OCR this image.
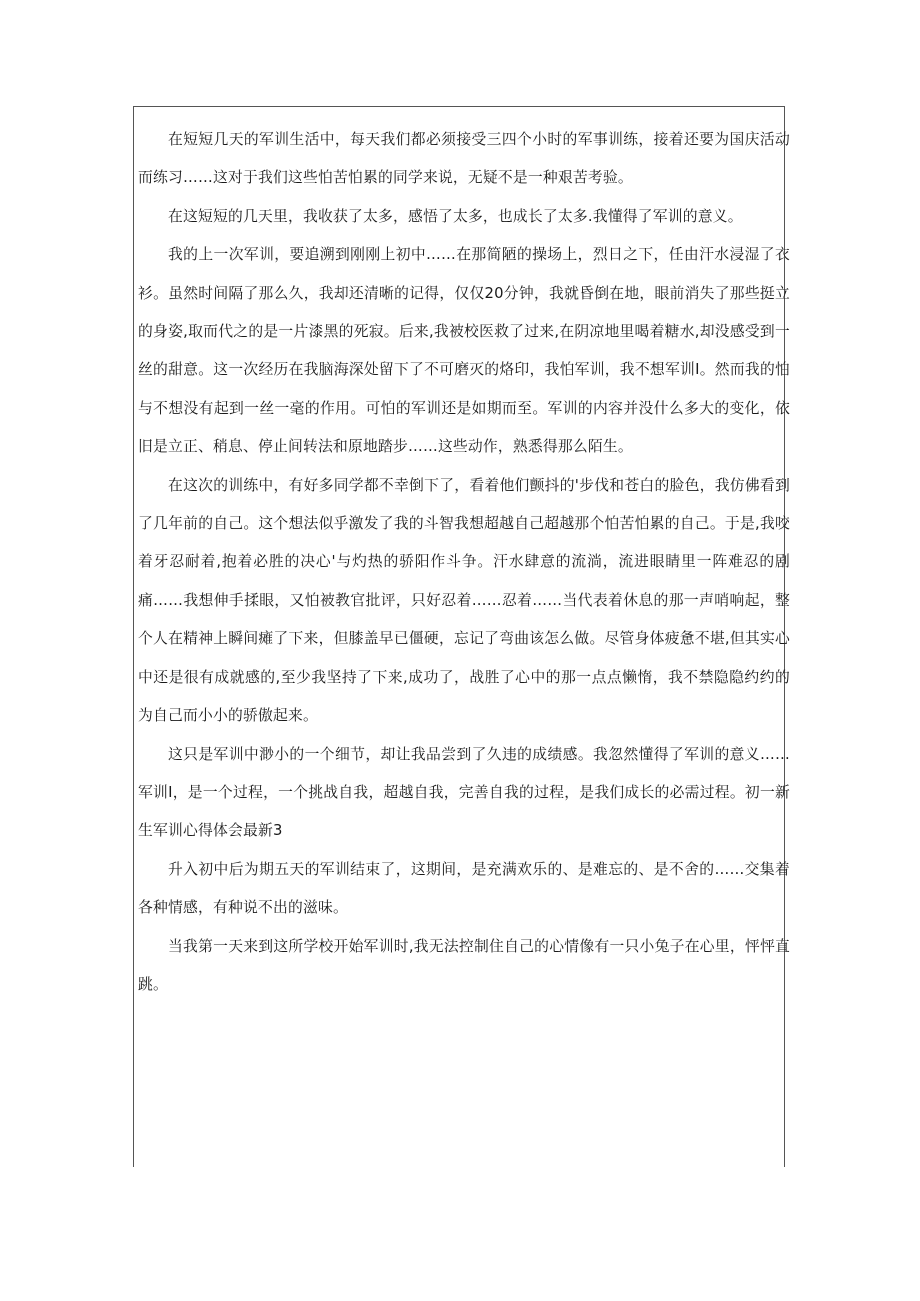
在短短几天的军训生活中，每天我们都必须接受三四个小时的军事训练，接着还要为国庆活动而练习……这对于我们这些怕苦怕累的同学来说，无疑不是一种艰苦考验。

在这短短的几天里，我收获了太多，感悟了太多，也成长了太多.我懂得了军训的意义。

我的上一次军训，要追溯到刚刚上初中……在那简陋的操场上，烈日之下，任由汗水浸湿了衣衫。虽然时间隔了那么久，我却还清晰的记得，仅仅20分钟，我就昏倒在地，眼前消失了那些挺立的身姿,取而代之的是一片漆黑的死寂。后来,我被校医救了过来,在阴凉地里喝着糖水,却没感受到一丝的甜意。这一次经历在我脑海深处留下了不可磨灭的烙印，我怕军训，我不想军训I。然而我的怕与不想没有起到一丝一毫的作用。可怕的军训还是如期而至。军训的内容并没什么多大的变化，依旧是立正、稍息、停止间转法和原地踏步……这些动作，熟悉得那么陌生。

在这次的训练中，有好多同学都不幸倒下了，看着他们颤抖的'步伐和苍白的脸色，我仿佛看到了几年前的自己。这个想法似乎激发了我的斗智我想超越自己超越那个怕苦怕累的自己。于是,我咬着牙忍耐着,抱着必胜的决心'与灼热的骄阳作斗争。汗水肆意的流淌，流进眼睛里一阵难忍的剧痛……我想伸手揉眼，又怕被教官批评，只好忍着……忍着……当代表着休息的那一声哨响起，整个人在精神上瞬间瘫了下来，但膝盖早已僵硬，忘记了弯曲该怎么做。尽管身体疲惫不堪,但其实心中还是很有成就感的,至少我坚持了下来,成功了，战胜了心中的那一点点懒惰，我不禁隐隐约约的为自己而小小的骄傲起来。

这只是军训中渺小的一个细节，却让我品尝到了久违的成绩感。我忽然懂得了军训的意义……军训I，是一个过程，一个挑战自我，超越自我，完善自我的过程，是我们成长的必需过程。初一新生军训心得体会最新3

升入初中后为期五天的军训结束了，这期间，是充满欢乐的、是难忘的、是不舍的……交集着各种情感，有种说不出的滋味。

当我第一天来到这所学校开始军训时,我无法控制住自己的心情像有一只小兔子在心里，怦怦直跳。
